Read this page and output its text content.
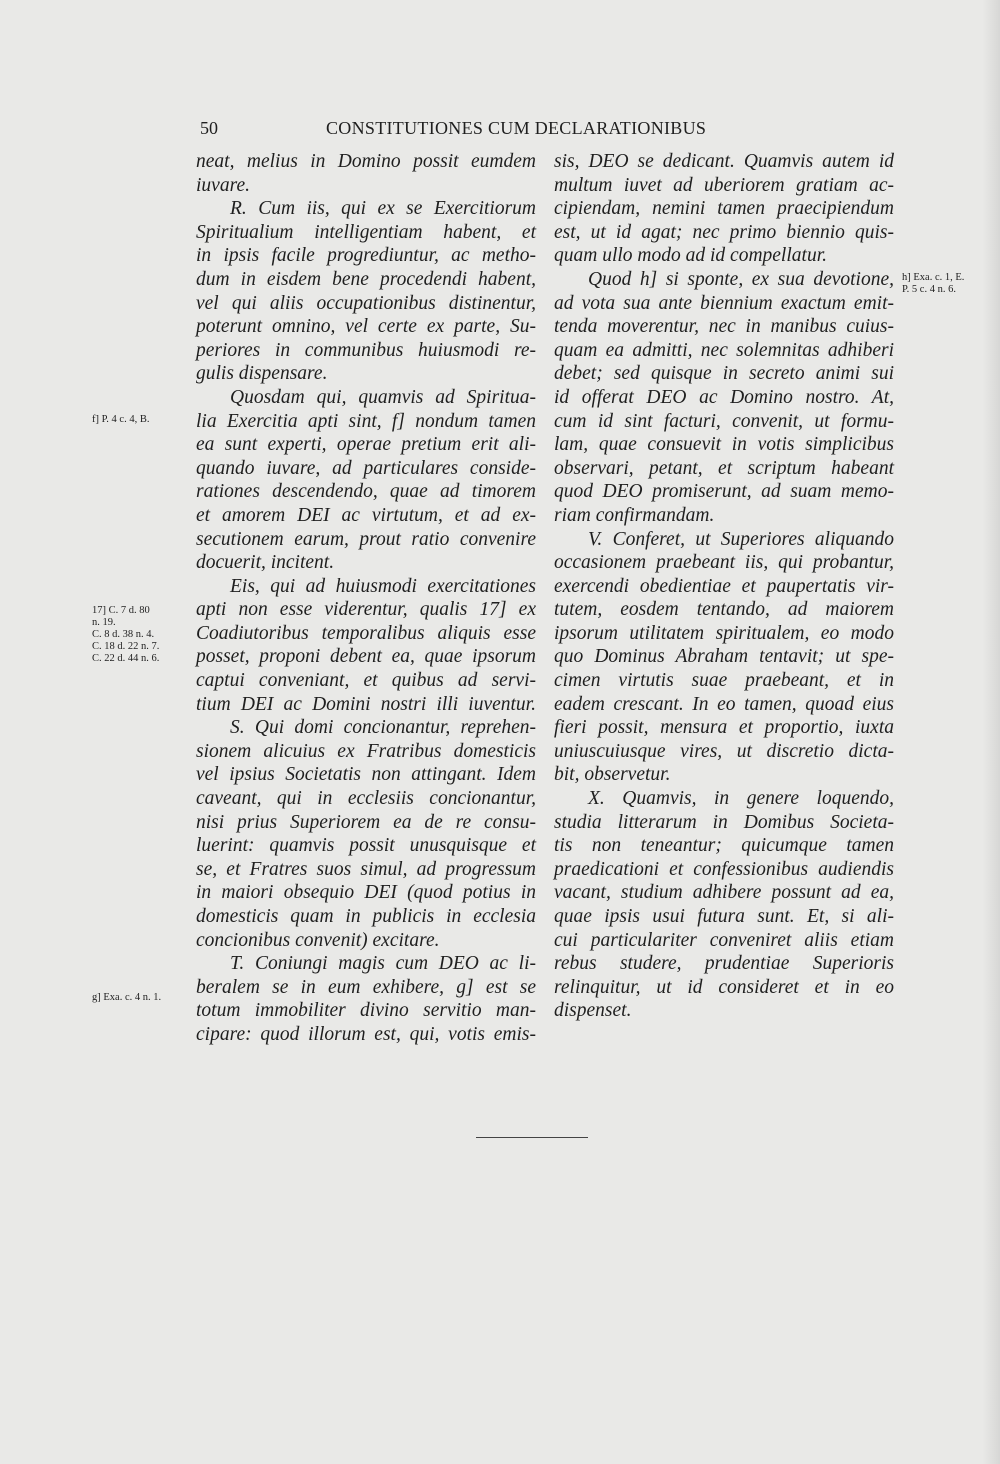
50	CONSTITUTIONES CUM DECLARATIONIBUS
neat, melius in Domino possit eumdem
iuvare.
R. Cum iis, qui ex se Exercitiorum
Spiritualium intelligentiam habent, et
in ipsis facile progrediuntur, ac metho-
dum in eisdem bene procedendi habent,
vel qui aliis occupationibus distinentur,
poterunt omnino, vel certe ex parte, Su-
periores in communibus huiusmodi re-
gulis dispensare.
Quosdam qui, quamvis ad Spiritua-
lia Exercitia apti sint, f] nondum tamen
ea sunt experti, operae pretium erit ali-
quando iuvare, ad particulares conside-
rationes descendendo, quae ad timorem
et amorem DEI ac virtutum, et ad ex-
secutionem earum, prout ratio convenire
docuerit, incitent.
Eis, qui ad huiusmodi exercitationes
apti non esse viderentur, qualis 17] ex
Coadiutoribus temporalibus aliquis esse
posset, proponi debent ea, quae ipsorum
captui conveniant, et quibus ad servi-
tium DEI ac Domini nostri illi iuventur.
S. Qui domi concionantur, reprehen-
sionem alicuius ex Fratribus domesticis
vel ipsius Societatis non attingant. Idem
caveant, qui in ecclesiis concionantur,
nisi prius Superiorem ea de re consu-
luerint: quamvis possit unusquisque et
se, et Fratres suos simul, ad progressum
in maiori obsequio DEI (quod potius in
domesticis quam in publicis in ecclesia
concionibus convenit) excitare.
T. Coniungi magis cum DEO ac li-
beralem se in eum exhibere, g] est se
totum immobiliter divino servitio man-
cipare: quod illorum est, qui, votis emis-
sis, DEO se dedicant. Quamvis autem id
multum iuvet ad uberiorem gratiam ac-
cipiendam, nemini tamen praecipiendum
est, ut id agat; nec primo biennio quis-
quam ullo modo ad id compellatur.
Quod h] si sponte, ex sua devotione,
ad vota sua ante biennium exactum emit-
tenda moverentur, nec in manibus cuius-
quam ea admitti, nec solemnitas adhiberi
debet; sed quisque in secreto animi sui
id offerat DEO ac Domino nostro. At,
cum id sint facturi, convenit, ut formu-
lam, quae consuevit in votis simplicibus
observari, petant, et scriptum habeant
quod DEO promiserunt, ad suam memo-
riam confirmandam.
V. Conferet, ut Superiores aliquando
occasionem praebeant iis, qui probantur,
exercendi obedientiae et paupertatis vir-
tutem, eosdem tentando, ad maiorem
ipsorum utilitatem spiritualem, eo modo
quo Dominus Abraham tentavit; ut spe-
cimen virtutis suae praebeant, et in
eadem crescant. In eo tamen, quoad eius
fieri possit, mensura et proportio, iuxta
uniuscuiusque vires, ut discretio dicta-
bit, observetur.
X. Quamvis, in genere loquendo,
studia litterarum in Domibus Societa-
tis non teneantur; quicumque tamen
praedicationi et confessionibus audiendis
vacant, studium adhibere possunt ad ea,
quae ipsis usui futura sunt. Et, si ali-
cui particulariter conveniret aliis etiam
rebus studere, prudentiae Superioris
relinquitur, ut id consideret et in eo
dispenset.
f] P. 4 c. 4, B.
17] C. 7 d. 80
n. 19.
C. 8 d. 38 n. 4.
C. 18 d. 22 n. 7.
C. 22 d. 44 n. 6.
g] Exa. c. 4 n. 1.
h] Exa. c. 1, E.
P. 5 c. 4 n. 6.
